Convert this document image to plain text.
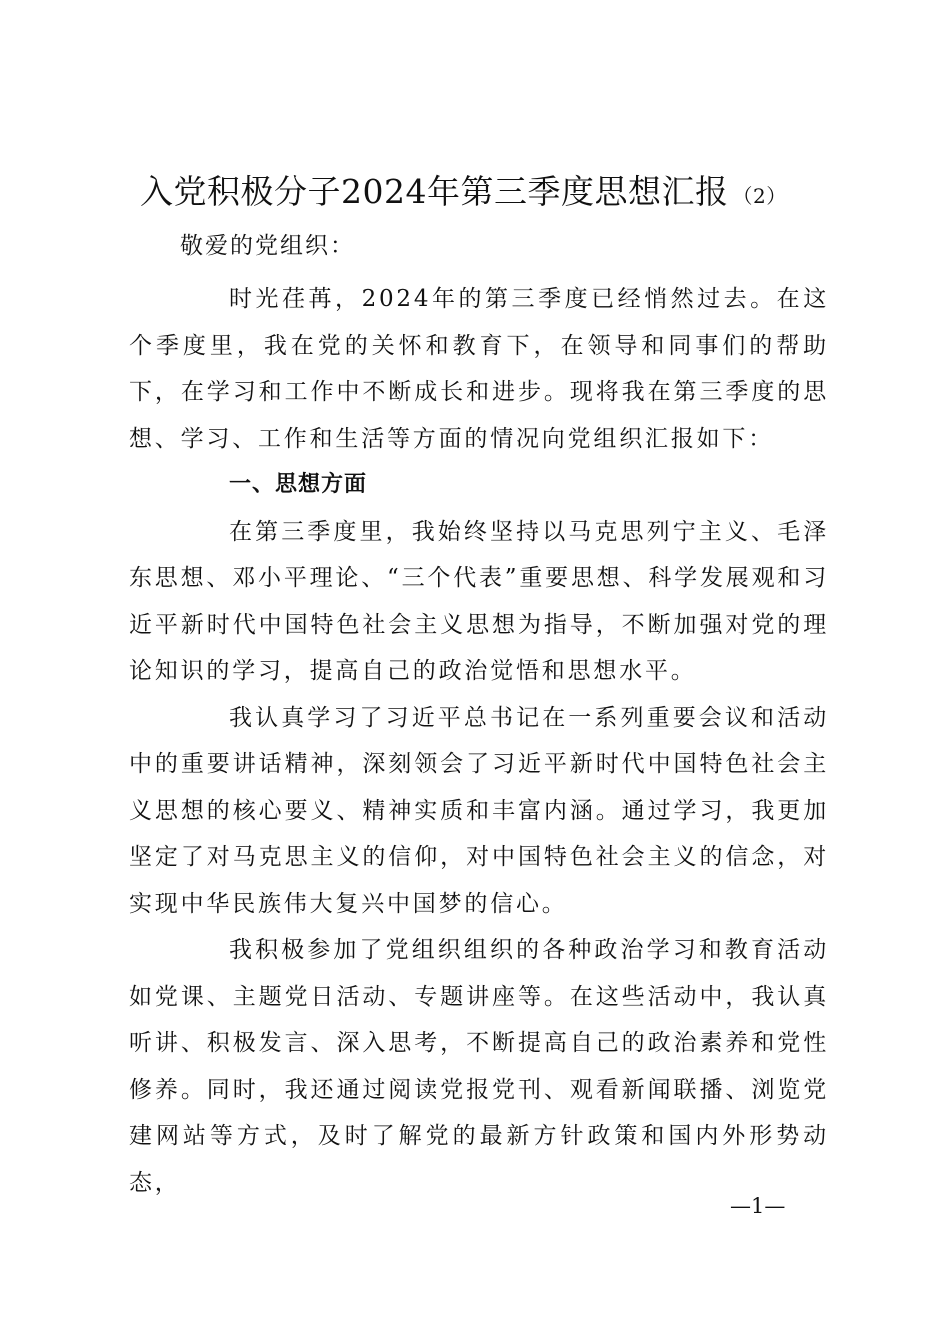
入党积极分子2024年第三季度思想汇报 （2）
敬爱的党组织：

时光荏苒，2024年的第三季度已经悄然过去。在这个季度里，我在党的关怀和教育下，在领导和同事们的帮助下，在学习和工作中不断成长和进步。现将我在第三季度的思想、学习、工作和生活等方面的情况向党组织汇报如下：

一、思想方面

在第三季度里，我始终坚持以马克思列宁主义、毛泽东思想、邓小平理论、“三个代表”重要思想、科学发展观和习近平新时代中国特色社会主义思想为指导，不断加强对党的理论知识的学习，提高自己的政治觉悟和思想水平。

我认真学习了习近平总书记在一系列重要会议和活动中的重要讲话精神，深刻领会了习近平新时代中国特色社会主义思想的核心要义、精神实质和丰富内涵。通过学习，我更加坚定了对马克思主义的信仰，对中国特色社会主义的信念，对实现中华民族伟大复兴中国梦的信心。

我积极参加了党组织组织的各种政治学习和教育活动如党课、主题党日活动、专题讲座等。在这些活动中，我认真听讲、积极发言、深入思考，不断提高自己的政治素养和党性修养。同时，我还通过阅读党报党刊、观看新闻联播、浏览党建网站等方式，及时了解党的最新方针政策和国内外形势动态，

—1—
